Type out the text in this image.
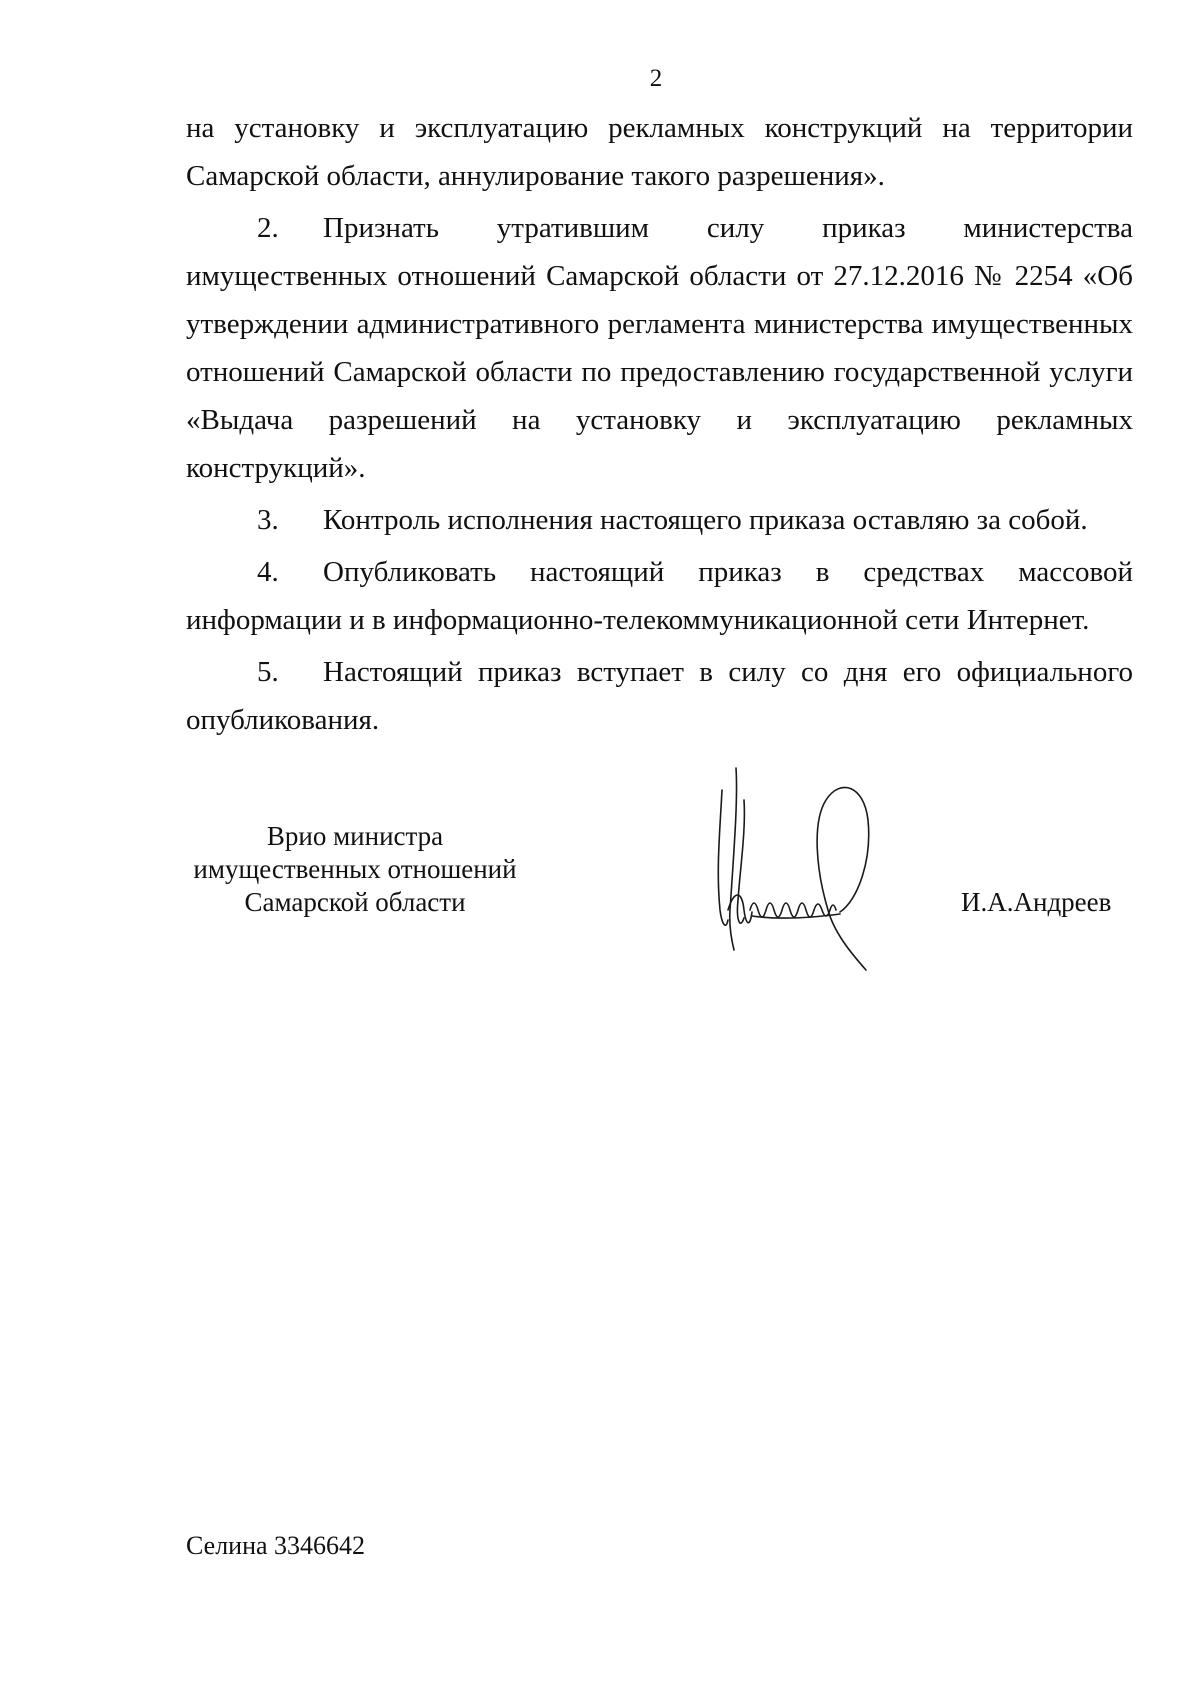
2

на установку и эксплуатацию рекламных конструкций на территории Самарской области, аннулирование такого разрешения».

2. Признать утратившим силу приказ министерства имущественных отношений Самарской области от 27.12.2016 № 2254 «Об утверждении административного регламента министерства имущественных отношений Самарской области по предоставлению государственной услуги «Выдача разрешений на установку и эксплуатацию рекламных конструкций».

3. Контроль исполнения настоящего приказа оставляю за собой.

4. Опубликовать настоящий приказ в средствах массовой информации и в информационно-телекоммуникационной сети Интернет.

5. Настоящий приказ вступает в силу со дня его официального опубликования.

Врио министра
имущественных отношений
Самарской области	И.А.Андреев
Селина 3346642
